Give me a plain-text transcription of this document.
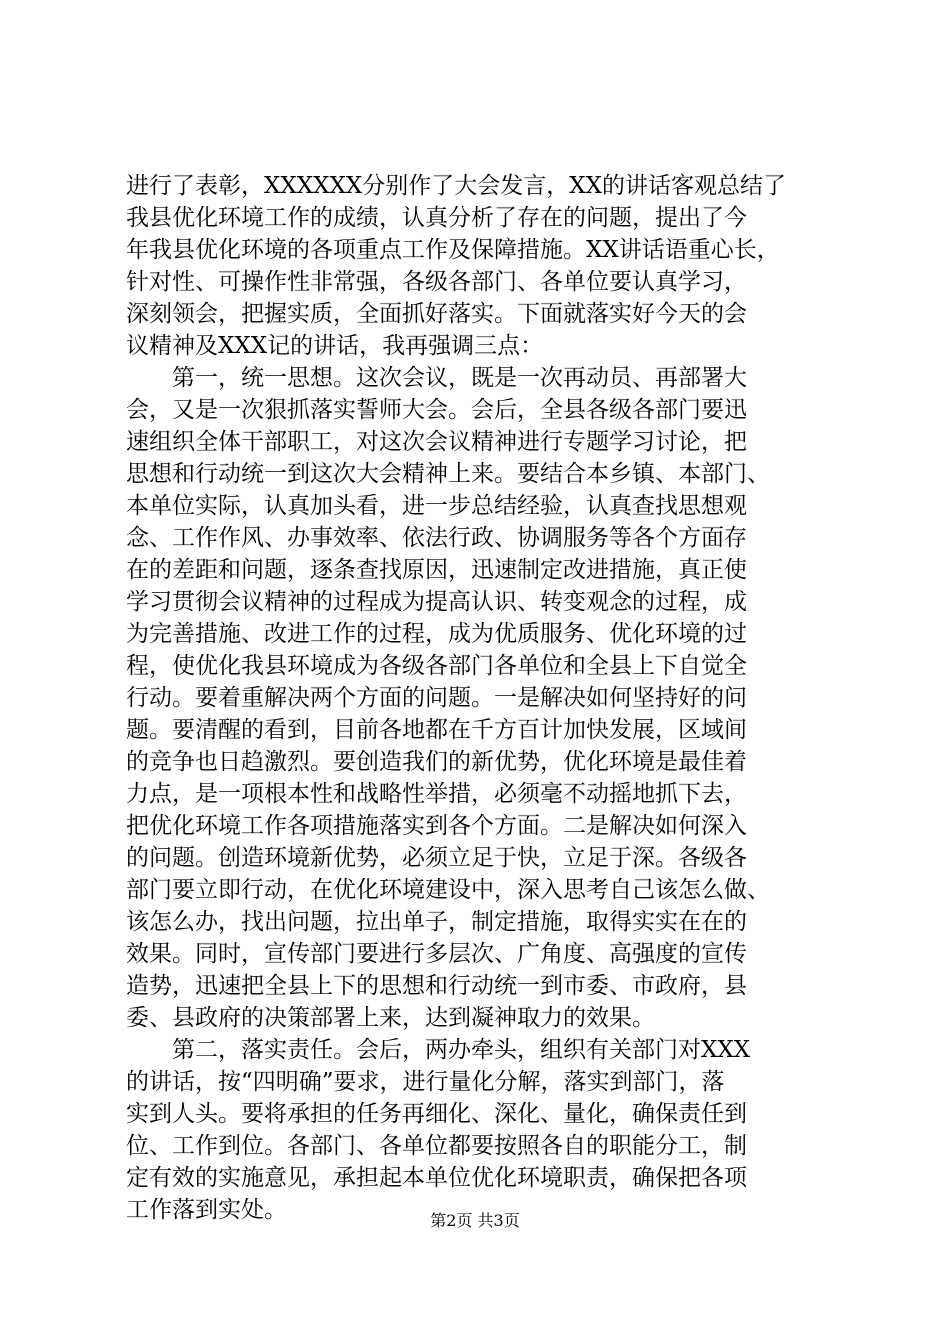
进行了表彰，XXXXXX分别作了大会发言，XX的讲话客观总结了
我县优化环境工作的成绩，认真分析了存在的问题，提出了今
年我县优化环境的各项重点工作及保障措施。XX讲话语重心长，
针对性、可操作性非常强，各级各部门、各单位要认真学习，
深刻领会，把握实质，全面抓好落实。下面就落实好今天的会
议精神及XXX记的讲话，我再强调三点：
　　第一，统一思想。这次会议，既是一次再动员、再部署大
会，又是一次狠抓落实誓师大会。会后，全县各级各部门要迅
速组织全体干部职工，对这次会议精神进行专题学习讨论，把
思想和行动统一到这次大会精神上来。要结合本乡镇、本部门、
本单位实际，认真加头看，进一步总结经验，认真查找思想观
念、工作作风、办事效率、依法行政、协调服务等各个方面存
在的差距和问题，逐条查找原因，迅速制定改进措施，真正使
学习贯彻会议精神的过程成为提高认识、转变观念的过程，成
为完善措施、改进工作的过程，成为优质服务、优化环境的过
程，使优化我县环境成为各级各部门各单位和全县上下自觉全
行动。要着重解决两个方面的问题。一是解决如何坚持好的问
题。要清醒的看到，目前各地都在千方百计加快发展，区域间
的竞争也日趋激烈。要创造我们的新优势，优化环境是最佳着
力点，是一项根本性和战略性举措，必须毫不动摇地抓下去，
把优化环境工作各项措施落实到各个方面。二是解决如何深入
的问题。创造环境新优势，必须立足于快，立足于深。各级各
部门要立即行动，在优化环境建设中，深入思考自己该怎么做、
该怎么办，找出问题，拉出单子，制定措施，取得实实在在的
效果。同时，宣传部门要进行多层次、广角度、高强度的宣传
造势，迅速把全县上下的思想和行动统一到市委、市政府，县
委、县政府的决策部署上来，达到凝神取力的效果。
　　第二，落实责任。会后，两办牵头，组织有关部门对XXX
的讲话，按“四明确”要求，进行量化分解，落实到部门，落
实到人头。要将承担的任务再细化、深化、量化，确保责任到
位、工作到位。各部门、各单位都要按照各自的职能分工，制
定有效的实施意见，承担起本单位优化环境职责，确保把各项
工作落到实处。	第2页 共3页
